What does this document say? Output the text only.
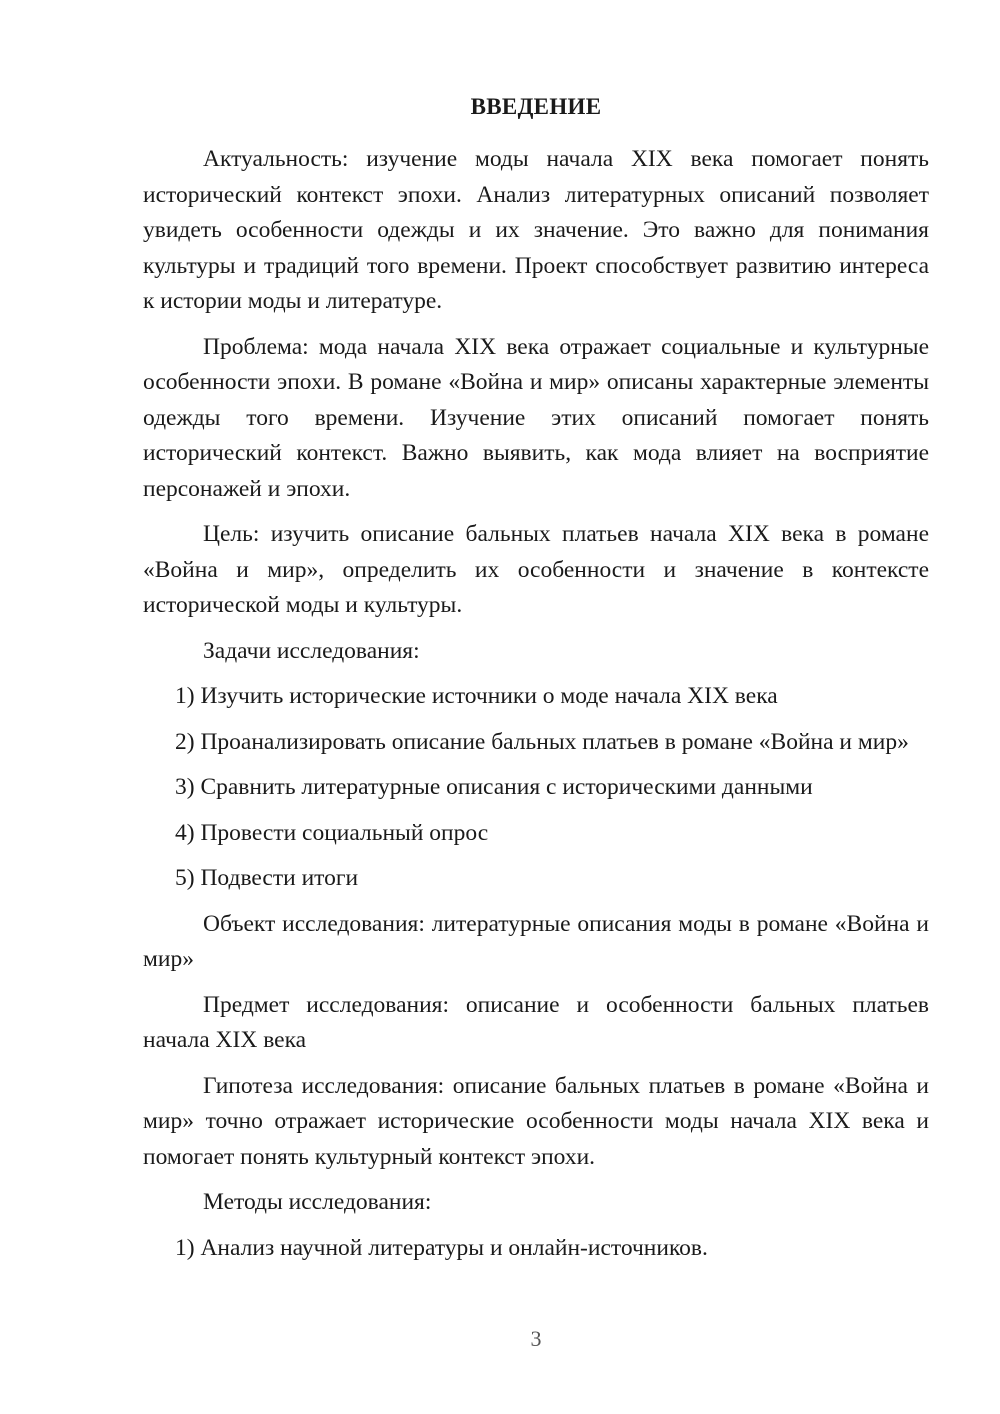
ВВЕДЕНИЕ

Актуальность: изучение моды начала XIX века помогает понять исторический контекст эпохи. Анализ литературных описаний позволяет увидеть особенности одежды и их значение. Это важно для понимания культуры и традиций того времени. Проект способствует развитию интереса к истории моды и литературе.

Проблема: мода начала XIX века отражает социальные и культурные особенности эпохи. В романе «Война и мир» описаны характерные элементы одежды того времени. Изучение этих описаний помогает понять исторический контекст. Важно выявить, как мода влияет на восприятие персонажей и эпохи.

Цель: изучить описание бальных платьев начала XIX века в романе «Война и мир», определить их особенности и значение в контексте исторической моды и культуры.

Задачи исследования:

1) Изучить исторические источники о моде начала XIX века

2) Проанализировать описание бальных платьев в романе «Война и мир»

3) Сравнить литературные описания с историческими данными

4) Провести социальный опрос

5) Подвести итоги

Объект исследования: литературные описания моды в романе «Война и мир»

Предмет исследования: описание и особенности бальных платьев начала XIX века

Гипотеза исследования: описание бальных платьев в романе «Война и мир» точно отражает исторические особенности моды начала XIX века и помогает понять культурный контекст эпохи.

Методы исследования:

1) Анализ научной литературы и онлайн-источников.

3
